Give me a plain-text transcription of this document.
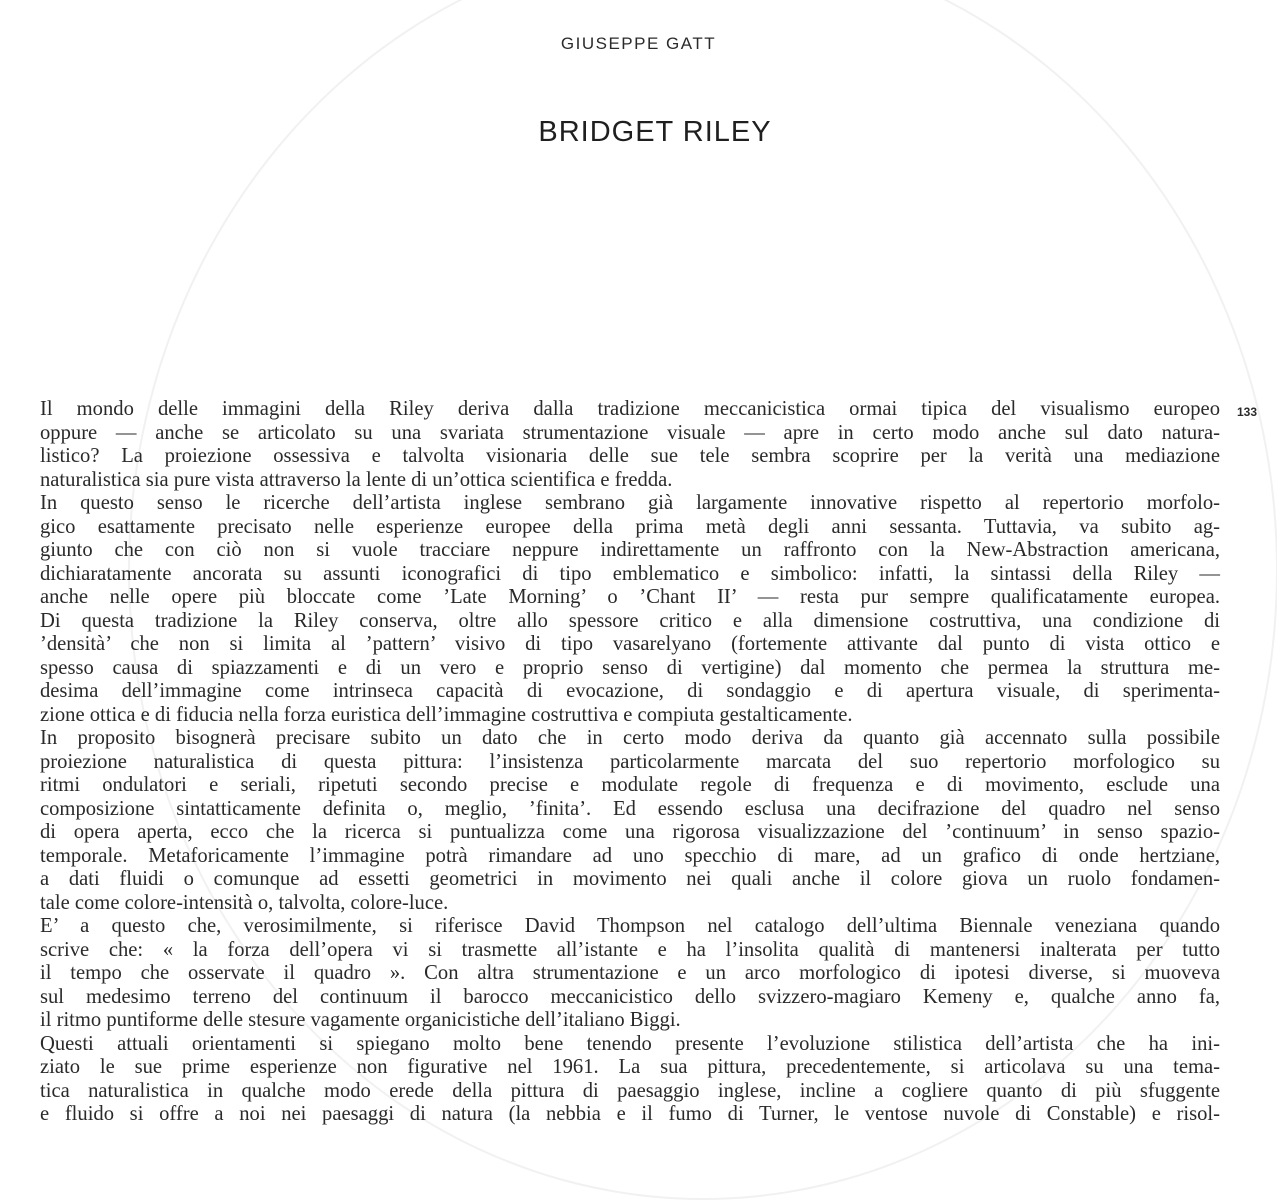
GIUSEPPE GATT
BRIDGET RILEY
133
Il mondo delle immagini della Riley deriva dalla tradizione meccanicistica ormai tipica del visualismo europeo
oppure — anche se articolato su una svariata strumentazione visuale — apre in certo modo anche sul dato natura-
listico? La proiezione ossessiva e talvolta visionaria delle sue tele sembra scoprire per la verità una mediazione
naturalistica sia pure vista attraverso la lente di un’ottica scientifica e fredda.
In questo senso le ricerche dell’artista inglese sembrano già largamente innovative rispetto al repertorio morfolo-
gico esattamente precisato nelle esperienze europee della prima metà degli anni sessanta. Tuttavia, va subito ag-
giunto che con ciò non si vuole tracciare neppure indirettamente un raffronto con la New-Abstraction americana,
dichiaratamente ancorata su assunti iconografici di tipo emblematico e simbolico: infatti, la sintassi della Riley —
anche nelle opere più bloccate come ’Late Morning’ o ’Chant II’ — resta pur sempre qualificatamente europea.
Di questa tradizione la Riley conserva, oltre allo spessore critico e alla dimensione costruttiva, una condizione di
’densità’ che non si limita al ’pattern’ visivo di tipo vasarelyano (fortemente attivante dal punto di vista ottico e
spesso causa di spiazzamenti e di un vero e proprio senso di vertigine) dal momento che permea la struttura me-
desima dell’immagine come intrinseca capacità di evocazione, di sondaggio e di apertura visuale, di sperimenta-
zione ottica e di fiducia nella forza euristica dell’immagine costruttiva e compiuta gestalticamente.
In proposito bisognerà precisare subito un dato che in certo modo deriva da quanto già accennato sulla possibile
proiezione naturalistica di questa pittura: l’insistenza particolarmente marcata del suo repertorio morfologico su
ritmi ondulatori e seriali, ripetuti secondo precise e modulate regole di frequenza e di movimento, esclude una
composizione sintatticamente definita o, meglio, ’finita’. Ed essendo esclusa una decifrazione del quadro nel senso
di opera aperta, ecco che la ricerca si puntualizza come una rigorosa visualizzazione del ’continuum’ in senso spazio-
temporale. Metaforicamente l’immagine potrà rimandare ad uno specchio di mare, ad un grafico di onde hertziane,
a dati fluidi o comunque ad essetti geometrici in movimento nei quali anche il colore giova un ruolo fondamen-
tale come colore-intensità o, talvolta, colore-luce.
E’ a questo che, verosimilmente, si riferisce David Thompson nel catalogo dell’ultima Biennale veneziana quando
scrive che: « la forza dell’opera vi si trasmette all’istante e ha l’insolita qualità di mantenersi inalterata per tutto
il tempo che osservate il quadro ». Con altra strumentazione e un arco morfologico di ipotesi diverse, si muoveva
sul medesimo terreno del continuum il barocco meccanicistico dello svizzero-magiaro Kemeny e, qualche anno fa,
il ritmo puntiforme delle stesure vagamente organicistiche dell’italiano Biggi.
Questi attuali orientamenti si spiegano molto bene tenendo presente l’evoluzione stilistica dell’artista che ha ini-
ziato le sue prime esperienze non figurative nel 1961. La sua pittura, precedentemente, si articolava su una tema-
tica naturalistica in qualche modo erede della pittura di paesaggio inglese, incline a cogliere quanto di più sfuggente
e fluido si offre a noi nei paesaggi di natura (la nebbia e il fumo di Turner, le ventose nuvole di Constable) e risol-
